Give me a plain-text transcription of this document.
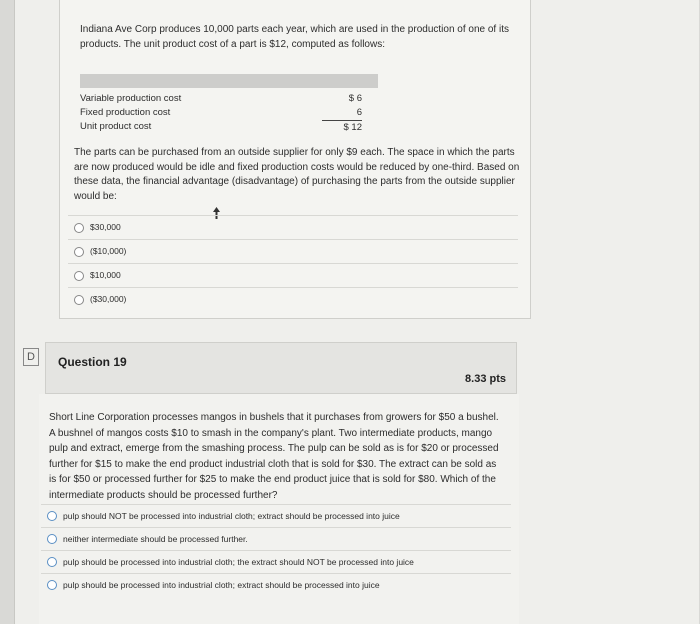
Indiana Ave Corp produces 10,000 parts each year, which are used in the production of one of its products. The unit product cost of a part is $12, computed as follows:
Variable production cost	$ 6
Fixed production cost	6
Unit product cost	$ 12
The parts can be purchased from an outside supplier for only $9 each. The space in which the parts are now produced would be idle and fixed production costs would be reduced by one-third. Based on these data, the financial advantage (disadvantage) of purchasing the parts from the outside supplier would be:
$30,000
($10,000)
$10,000
($30,000)
D	Question 19
8.33 pts
Short Line Corporation processes mangos in bushels that it purchases from growers for $50 a bushel. A bushnel of mangos costs $10 to smash in the company's plant. Two intermediate products, mango pulp and extract, emerge from the smashing process. The pulp can be sold as is for $20 or processed further for $15 to make the end product industrial cloth that is sold for $30. The extract can be sold as is for $50 or processed further for $25 to make the end product juice that is sold for $80. Which of the intermediate products should be processed further?
pulp should NOT be processed into industrial cloth; extract should be processed into juice
neither intermediate should be processed further.
pulp should be processed into industrial cloth; the extract should NOT be processed into juice
pulp should be processed into industrial cloth; extract should be processed into juice
